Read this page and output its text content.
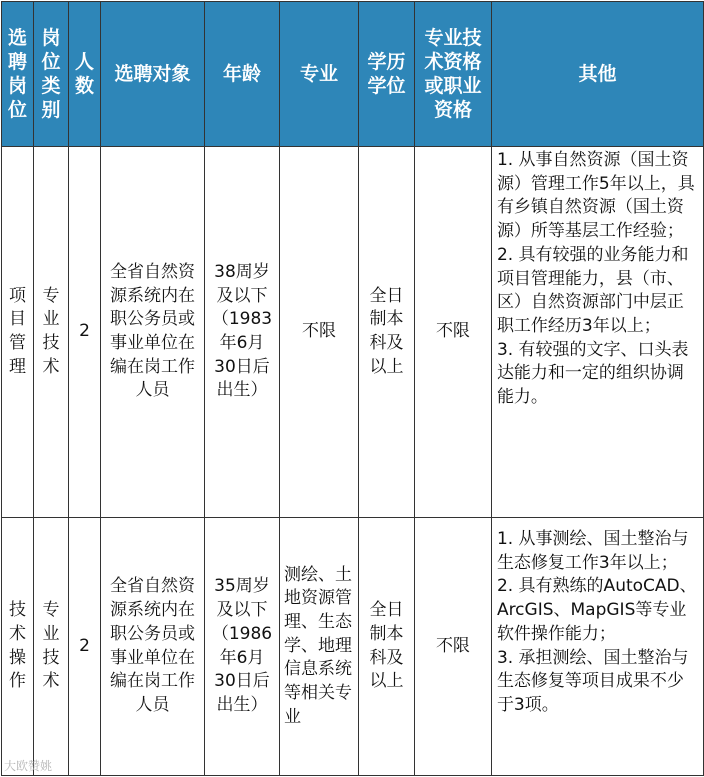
选聘岗位	岗位类别	人数	选聘对象	年龄	专业	学历学位	专业技术资格或职业资格	其他
项目管理	专业技术	2	全省自然资源系统内在职公务员或事业单位在编在岗工作人员	38周岁及以下（1983年6月30日后出生）	不限	全日制本科及以上	不限	1. 从事自然资源（国土资源）管理工作5年以上，具有乡镇自然资源（国土资源）所等基层工作经验；
2. 具有较强的业务能力和项目管理能力，县（市、区）自然资源部门中层正职工作经历3年以上；
3. 有较强的文字、口头表达能力和一定的组织协调能力。

技术操作	专业技术	2	全省自然资源系统内在职公务员或事业单位在编在岗工作人员	35周岁及以下（1986年6月30日后出生）	测绘、土地资源管理、生态学、地理信息系统等相关专业	全日制本科及以上	不限	1. 从事测绘、国土整治与生态修复工作3年以上；
2. 具有熟练的AutoCAD、ArcGIS、MapGIS等专业软件操作能力；
3. 承担测绘、国土整治与生态修复等项目成果不少于3项。
大欧赞姚
